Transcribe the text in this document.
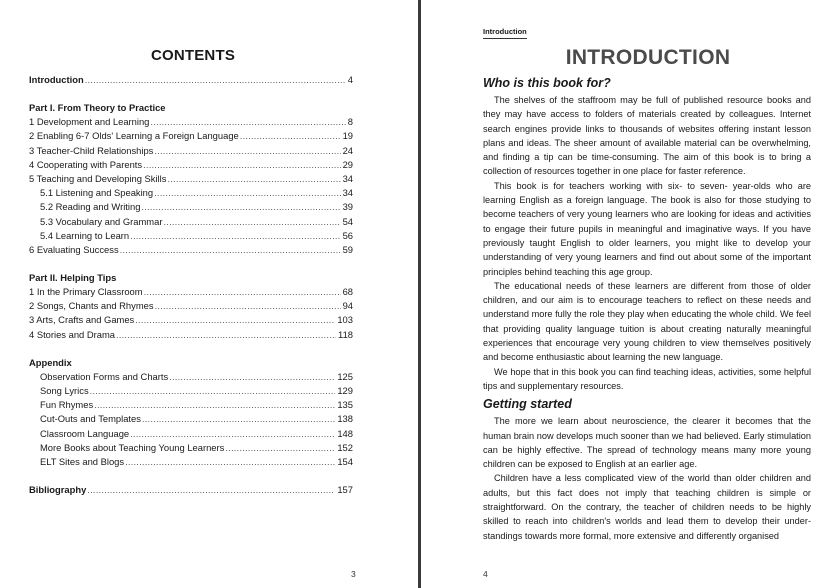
CONTENTS
Introduction .....	4
Part I. From Theory to Practice
1 Development and Learning .....	8
2 Enabling 6-7 Olds' Learning a Foreign Language .....	19
3 Teacher-Child Relationships .....	24
4 Cooperating with Parents .....	29
5 Teaching and Developing Skills .....	34
5.1 Listening and Speaking .....	34
5.2 Reading and Writing .....	39
5.3 Vocabulary and Grammar .....	54
5.4 Learning to Learn .....	56
6 Evaluating Success .....	59
Part II. Helping Tips
1 In the Primary Classroom .....	68
2 Songs, Chants and Rhymes .....	94
3 Arts, Crafts and Games .....	103
4 Stories and Drama .....	118
Appendix
Observation Forms and Charts .....	125
Song Lyrics .....	129
Fun Rhymes .....	135
Cut-Outs and Templates .....	138
Classroom Language .....	148
More Books about Teaching Young Learners .....	152
ELT Sites and Blogs .....	154
Bibliography .....	157
3
Introduction
INTRODUCTION
Who is this book for?

The shelves of the staffroom may be full of published resource books and they may have access to folders of materials created by colleagues. Internet search engines provide links to thousands of websites offering instant lesson plans and ideas. The sheer amount of available material can be overwhelming, and finding a tip can be time-consuming. The aim of this book is to bring a collection of resources together in one place for faster reference.

This book is for teachers working with six- to seven- year-olds who are learning English as a foreign language. The book is also for those studying to become teachers of very young learners who are looking for ideas and activities to engage their future pupils in meaningful and imaginative ways. If you have previously taught English to older learners, you might like to develop your understanding of very young learners and find out about some of the important principles behind teaching this age group.

The educational needs of these learners are different from those of older children, and our aim is to encourage teachers to reflect on these needs and understand more fully the role they play when educating the whole child. We feel that providing quality language tuition is about creating naturally meaningful experiences that encourage very young children to view themselves positively and become enthusiastic about learning the new language.

We hope that in this book you can find teaching ideas, activities, some helpful tips and supplementary resources.

Getting started

The more we learn about neuroscience, the clearer it becomes that the human brain now develops much sooner than we had believed. Early stimulation can be highly effective. The spread of technology means many more young children can be exposed to English at an earlier age.

Children have a less complicated view of the world than older children and adults, but this fact does not imply that teaching children is simple or straightforward. On the contrary, the teacher of children needs to be highly skilled to reach into children's worlds and lead them to develop their understandings towards more formal, more extensive and differently organised

4
